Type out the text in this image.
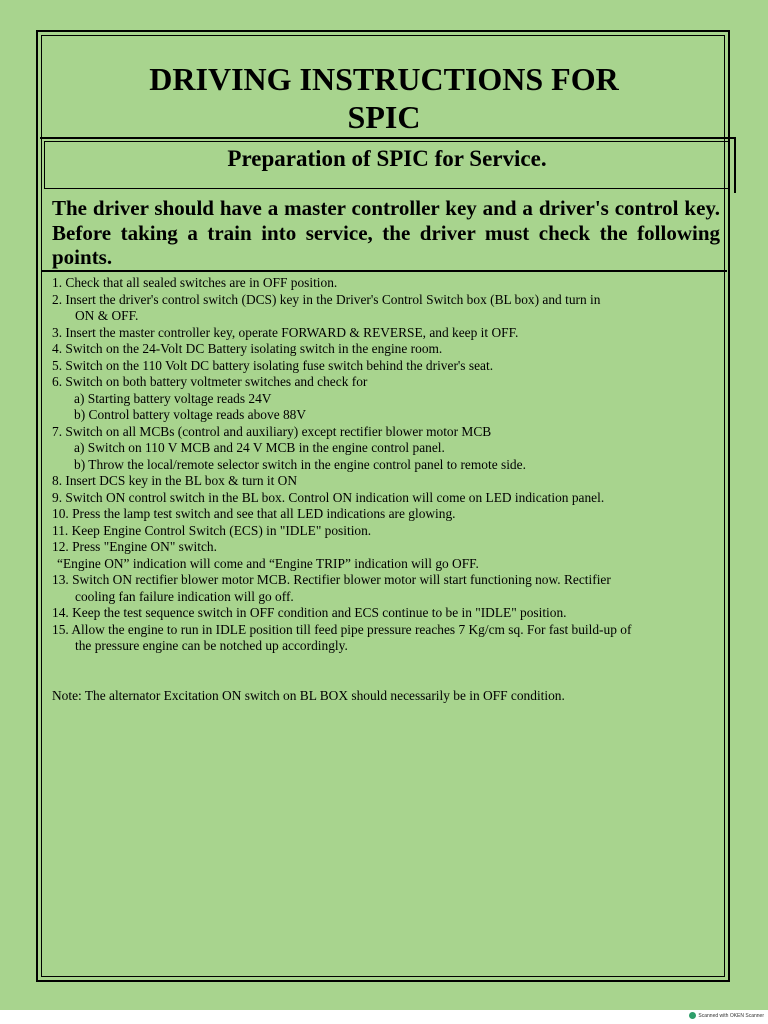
DRIVING INSTRUCTIONS FOR
SPIC
Preparation of SPIC for Service.

The driver should have a master controller key and a driver's control key. Before taking a train into service, the driver must check the following points.

1. Check that all sealed switches are in OFF position.
2. Insert the driver's control switch (DCS) key in the Driver's Control Switch box (BL box) and turn in
ON & OFF.
3. Insert the master controller key, operate FORWARD & REVERSE, and keep it OFF.
4. Switch on the 24-Volt DC Battery isolating switch in the engine room.
5. Switch on the 110 Volt DC battery isolating fuse switch behind the driver's seat.
6. Switch on both battery voltmeter switches and check for
a) Starting battery voltage reads 24V
b) Control battery voltage reads above 88V
7. Switch on all MCBs (control and auxiliary) except rectifier blower motor MCB
a) Switch on 110 V MCB and 24 V MCB in the engine control panel.
b) Throw the local/remote selector switch in the engine control panel to remote side.
8. Insert DCS key in the BL box & turn it ON
9. Switch ON control switch in the BL box. Control ON indication will come on LED indication panel.
10. Press the lamp test switch and see that all LED indications are glowing.
11. Keep Engine Control Switch (ECS) in "IDLE" position.
12. Press "Engine ON" switch.
“Engine ON” indication will come and “Engine TRIP” indication will go OFF.
13. Switch ON rectifier blower motor MCB. Rectifier blower motor will start functioning now. Rectifier
cooling fan failure indication will go off.
14. Keep the test sequence switch in OFF condition and ECS continue to be in "IDLE" position.
15. Allow the engine to run in IDLE position till feed pipe pressure reaches 7 Kg/cm sq. For fast build-up of
the pressure engine can be notched up accordingly.

Note: The alternator Excitation ON switch on BL BOX should necessarily be in OFF condition.

Scanned with OKEN Scanner
